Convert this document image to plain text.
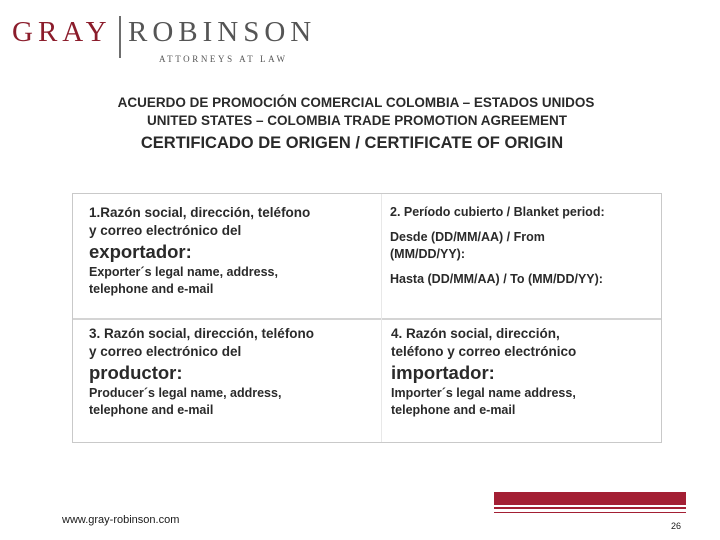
GRAY ROBINSON
ATTORNEYS AT LAW
ACUERDO DE PROMOCIÓN COMERCIAL COLOMBIA – ESTADOS UNIDOS
UNITED STATES – COLOMBIA TRADE PROMOTION AGREEMENT
CERTIFICADO DE ORIGEN / CERTIFICATE OF ORIGIN
1.Razón social, dirección, teléfono
y correo electrónico del
exportador:
Exporter´s legal name, address,
telephone and e-mail
2. Período cubierto / Blanket period:
Desde (DD/MM/AA) / From
(MM/DD/YY):
Hasta (DD/MM/AA) / To (MM/DD/YY):
3. Razón social, dirección, teléfono
y correo electrónico del
productor:
Producer´s legal name, address,
telephone and e-mail
4. Razón social, dirección,
teléfono y correo electrónico
importador:
Importer´s legal name address,
telephone and e-mail
www.gray-robinson.com	26
